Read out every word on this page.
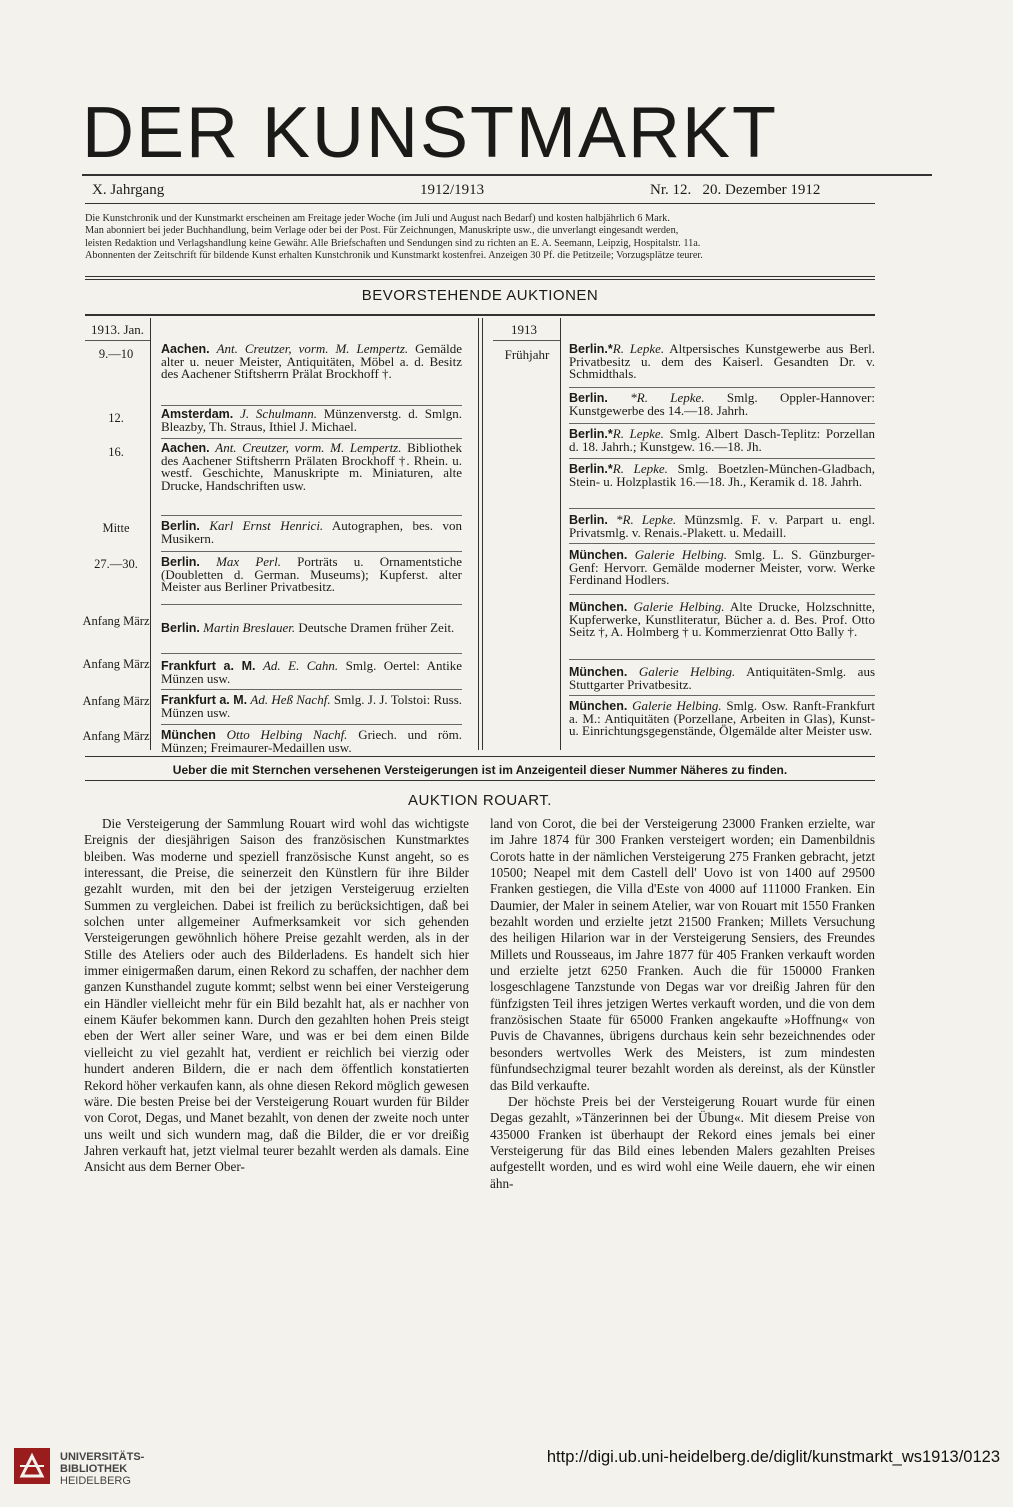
DER KUNSTMARKT
X. Jahrgang	1912/1913	Nr. 12.   20. Dezember 1912
Die Kunstchronik und der Kunstmarkt erscheinen am Freitage jeder Woche (im Juli und August nach Bedarf) und kosten halbjährlich 6 Mark.
Man abonniert bei jeder Buchhandlung, beim Verlage oder bei der Post. Für Zeichnungen, Manuskripte usw., die unverlangt eingesandt werden,
leisten Redaktion und Verlagshandlung keine Gewähr. Alle Briefschaften und Sendungen sind zu richten an E. A. Seemann, Leipzig, Hospitalstr. 11a.
Abonnenten der Zeitschrift für bildende Kunst erhalten Kunstchronik und Kunstmarkt kostenfrei. Anzeigen 30 Pf. die Petitzeile; Vorzugsplätze teurer.
BEVORSTEHENDE AUKTIONEN
1913. Jan.	1913
Frühjahr
9.—10	Aachen. Ant. Creutzer, vorm. M. Lempertz. Gemälde alter u. neuer Meister, Antiquitäten, Möbel a. d. Besitz des Aachener Stiftsherrn Prälat Brockhoff †.
12.	Amsterdam. J. Schulmann. Münzenverstg. d. Smlgn. Bleazby, Th. Straus, Ithiel J. Michael.
16.	Aachen. Ant. Creutzer, vorm. M. Lempertz. Bibliothek des Aachener Stiftsherrn Prälaten Brockhoff †. Rhein. u. westf. Geschichte, Manuskripte m. Miniaturen, alte Drucke, Handschriften usw.
Mitte	Berlin. Karl Ernst Henrici. Autographen, bes. von Musikern.
27.—30.	Berlin. Max Perl. Porträts u. Ornamentstiche (Doubletten d. German. Museums); Kupferst. alter Meister aus Berliner Privatbesitz.
Anfang März Berlin. Martin Breslauer. Deutsche Dramen früher Zeit.
Anfang März Frankfurt a. M. Ad. E. Cahn. Smlg. Oertel: Antike Münzen usw.
Anfang März Frankfurt a. M. Ad. Heß Nachf. Smlg. J. J. Tolstoi: Russ. Münzen usw.
Anfang März München Otto Helbing Nachf. Griech. und röm. Münzen; Freimaurer-Medaillen usw.
Berlin.*R. Lepke. Altpersisches Kunstgewerbe aus Berl. Privatbesitz u. dem des Kaiserl. Gesandten Dr. v. Schmidthals.
Berlin. *R. Lepke. Smlg. Oppler-Hannover: Kunstgewerbe des 14.—18. Jahrh.
Berlin.*R. Lepke. Smlg. Albert Dasch-Teplitz: Porzellan d. 18. Jahrh.; Kunstgew. 16.—18. Jh.
Berlin.*R. Lepke. Smlg. Boetzlen-München-Gladbach, Stein- u. Holzplastik 16.—18. Jh., Keramik d. 18. Jahrh.
Berlin. *R. Lepke. Münzsmlg. F. v. Parpart u. engl. Privatsmlg. v. Renais.-Plakett. u. Medaill.
München. Galerie Helbing. Smlg. L. S. Günzburger-Genf: Hervorr. Gemälde moderner Meister, vorw. Werke Ferdinand Hodlers.
München. Galerie Helbing. Alte Drucke, Holzschnitte, Kupferwerke, Kunstliteratur, Bücher a. d. Bes. Prof. Otto Seitz †, A. Holmberg † u. Kommerzienrat Otto Bally †.
München. Galerie Helbing. Antiquitäten-Smlg. aus Stuttgarter Privatbesitz.
München. Galerie Helbing. Smlg. Osw. Ranft-Frankfurt a. M.: Antiquitäten (Porzellane, Arbeiten in Glas), Kunst- u. Einrichtungsgegenstände, Ölgemälde alter Meister usw.
Ueber die mit Sternchen versehenen Versteigerungen ist im Anzeigenteil dieser Nummer Näheres zu finden.
AUKTION ROUART.

Die Versteigerung der Sammlung Rouart wird wohl das wichtigste Ereignis der diesjährigen Saison des französischen Kunstmarktes bleiben. Was moderne und speziell französische Kunst angeht, so es interessant, die Preise, die seinerzeit den Künstlern für ihre Bilder gezahlt wurden, mit den bei der jetzigen Versteigeruug erzielten Summen zu vergleichen. Dabei ist freilich zu berücksichtigen, daß bei solchen unter allgemeiner Aufmerksamkeit vor sich gehenden Versteigerungen gewöhnlich höhere Preise gezahlt werden, als in der Stille des Ateliers oder auch des Bilderladens. Es handelt sich hier immer einigermaßen darum, einen Rekord zu schaffen, der nachher dem ganzen Kunsthandel zugute kommt; selbst wenn bei einer Versteigerung ein Händler vielleicht mehr für ein Bild bezahlt hat, als er nachher von einem Käufer bekommen kann. Durch den gezahlten hohen Preis steigt eben der Wert aller seiner Ware, und was er bei dem einen Bilde vielleicht zu viel gezahlt hat, verdient er reichlich bei vierzig oder hundert anderen Bildern, die er nach dem öffentlich konstatierten Rekord höher verkaufen kann, als ohne diesen Rekord möglich gewesen wäre. Die besten Preise bei der Versteigerung Rouart wurden für Bilder von Corot, Degas, und Manet bezahlt, von denen der zweite noch unter uns weilt und sich wundern mag, daß die Bilder, die er vor dreißig Jahren verkauft hat, jetzt vielmal teurer bezahlt werden als damals. Eine Ansicht aus dem Berner Ober-

land von Corot, die bei der Versteigerung 23000 Franken erzielte, war im Jahre 1874 für 300 Franken versteigert worden; ein Damenbildnis Corots hatte in der nämlichen Versteigerung 275 Franken gebracht, jetzt 10500; Neapel mit dem Castell dell' Uovo ist von 1400 auf 29500 Franken gestiegen, die Villa d'Este von 4000 auf 111000 Franken. Ein Daumier, der Maler in seinem Atelier, war von Rouart mit 1550 Franken bezahlt worden und erzielte jetzt 21500 Franken; Millets Versuchung des heiligen Hilarion war in der Versteigerung Sensiers, des Freundes Millets und Rousseaus, im Jahre 1877 für 405 Franken verkauft worden und erzielte jetzt 6250 Franken. Auch die für 150000 Franken losgeschlagene Tanzstunde von Degas war vor dreißig Jahren für den fünfzigsten Teil ihres jetzigen Wertes verkauft worden, und die von dem französischen Staate für 65000 Franken angekaufte »Hoffnung« von Puvis de Chavannes, übrigens durchaus kein sehr bezeichnendes oder besonders wertvolles Werk des Meisters, ist zum mindesten fünfundsechzigmal teurer bezahlt worden als dereinst, als der Künstler das Bild verkaufte.

Der höchste Preis bei der Versteigerung Rouart wurde für einen Degas gezahlt, »Tänzerinnen bei der Übung«. Mit diesem Preise von 435000 Franken ist überhaupt der Rekord eines jemals bei einer Versteigerung für das Bild eines lebenden Malers gezahlten Preises aufgestellt worden, und es wird wohl eine Weile dauern, ehe wir einen ähn-

UNIVERSITÄTS-
BIBLIOTHEK
HEIDELBERG
http://digi.ub.uni-heidelberg.de/diglit/kunstmarkt_ws1913/0123
